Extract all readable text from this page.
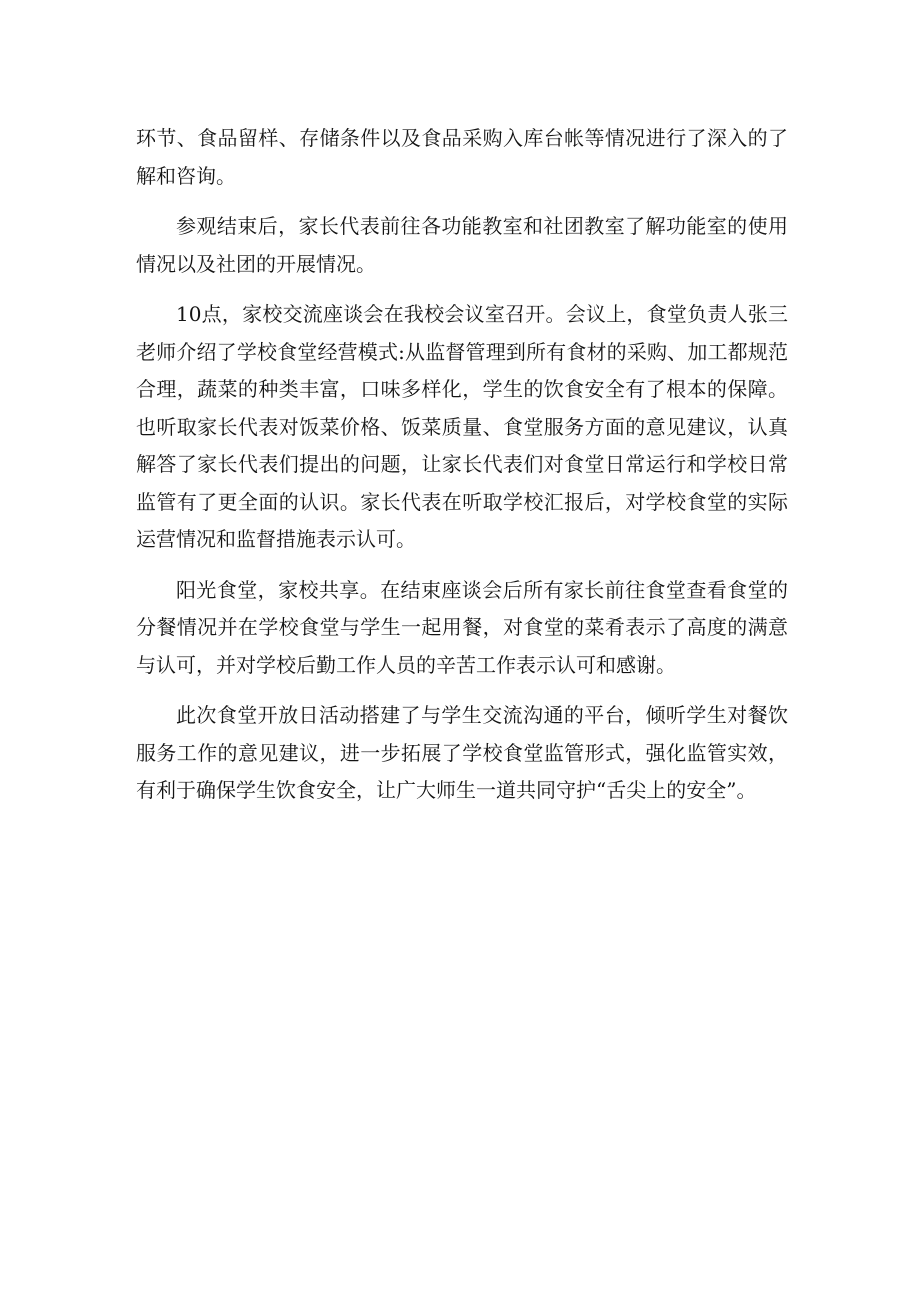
环节、食品留样、存储条件以及食品采购入库台帐等情况进行了深入的了解和咨询。

参观结束后，家长代表前往各功能教室和社团教室了解功能室的使用情况以及社团的开展情况。

10点，家校交流座谈会在我校会议室召开。会议上，食堂负责人张三老师介绍了学校食堂经营模式:从监督管理到所有食材的采购、加工都规范合理，蔬菜的种类丰富，口味多样化，学生的饮食安全有了根本的保障。也听取家长代表对饭菜价格、饭菜质量、食堂服务方面的意见建议，认真解答了家长代表们提出的问题，让家长代表们对食堂日常运行和学校日常监管有了更全面的认识。家长代表在听取学校汇报后，对学校食堂的实际运营情况和监督措施表示认可。

阳光食堂，家校共享。在结束座谈会后所有家长前往食堂查看食堂的分餐情况并在学校食堂与学生一起用餐，对食堂的菜肴表示了高度的满意与认可，并对学校后勤工作人员的辛苦工作表示认可和感谢。

此次食堂开放日活动搭建了与学生交流沟通的平台，倾听学生对餐饮服务工作的意见建议，进一步拓展了学校食堂监管形式，强化监管实效，有利于确保学生饮食安全，让广大师生一道共同守护“舌尖上的安全”。
